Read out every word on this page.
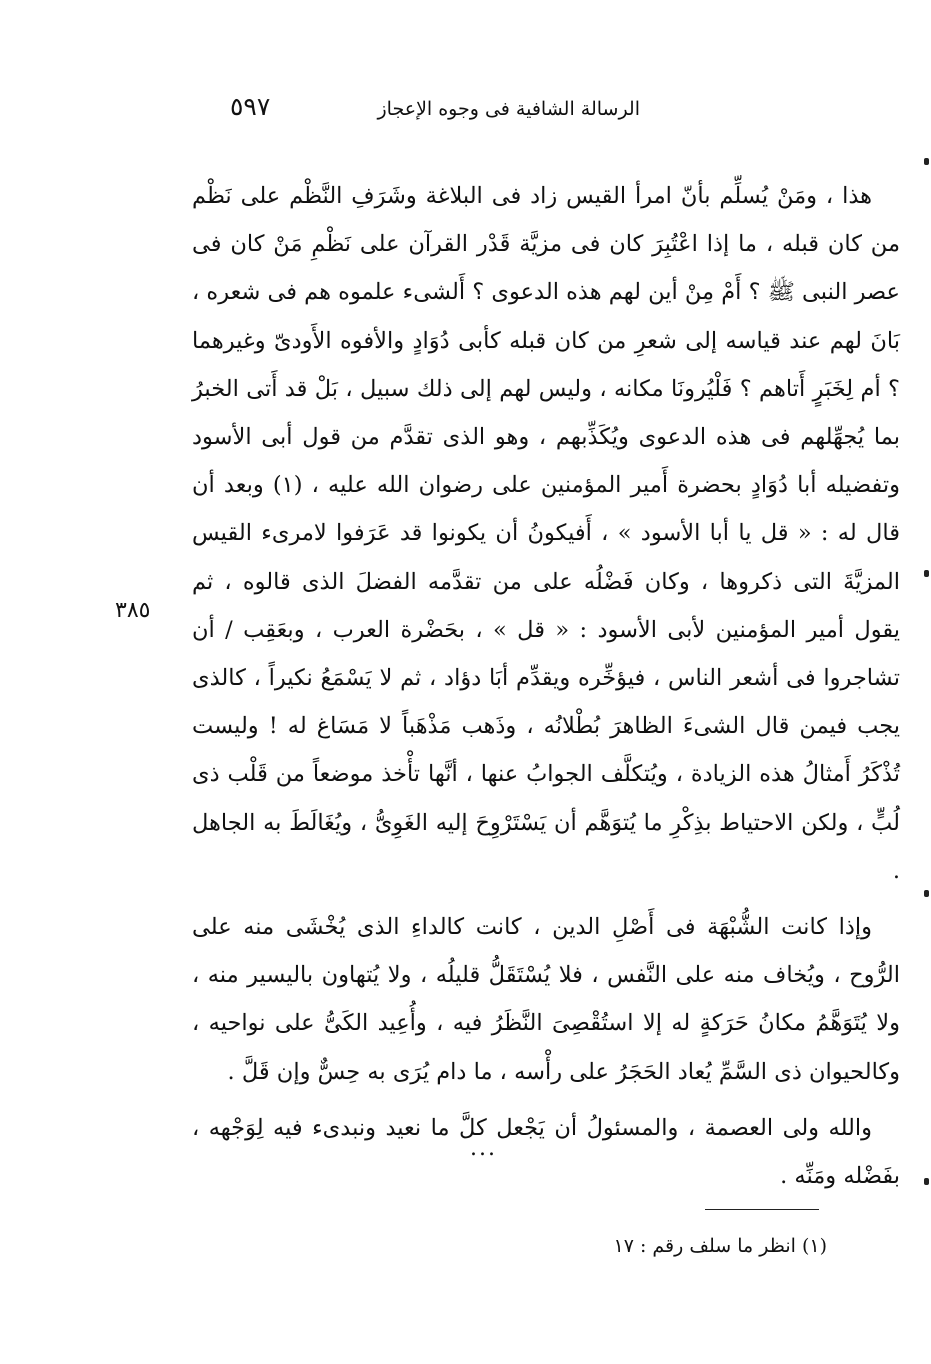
٥٩٧	الرسالة الشافية فى وجوه الإعجاز
٣٨٥

هذا ، ومَنْ يُسلِّم بأنّ امرأ القيس زاد فى البلاغة وشَرَفِ النَّظْم على نَظْم من كان قبله ، ما إذا اعْتُبِرَ كان فى مزيَّة قَدْر القرآن على نَظْمِ مَنْ كان فى عصر النبى ﷺ ؟ أَمْ مِنْ أين لهم هذه الدعوى ؟ أَلشىء علموه هم فى شعره ، بَانَ لهم عند قياسه إلى شعرِ من كان قبله كأبى دُوَادٍ والأفوه الأَودىّ وغيرهما ؟ أم لِخَبَرٍ أَتاهم ؟ فَلْيُرونَا مكانه ، وليس لهم إلى ذلك سبيل ، بَلْ قد أَتى الخبرُ بما يُجهِّلهم فى هذه الدعوى ويُكَذِّبهم ، وهو الذى تقدَّم من قول أبى الأسود وتفضيله أبا دُوَادٍ بحضرة أَمير المؤمنين على رضوان الله عليه ، (١) وبعد أن قال له : « قل يا أبا الأسود » ، أَفيكونُ أن يكونوا قد عَرَفوا لامرىء القيس المزيَّةَ التى ذكروها ، وكان فَضْلُه على من تقدَّمه الفضلَ الذى قالوه ، ثم يقول أمير المؤمنين لأبى الأسود : « قل » ، بحَضْرة العرب ، وبعَقِب / أن تشاجروا فى أشعر الناس ، فيؤخِّره ويقدِّم أبَا دؤاد ، ثم لا يَسْمَعُ نكيراً ، كالذى يجب فيمن قال الشىءَ الظاهرَ بُطْلانُه ، وذَهب مَذْهَباً لا مَسَاغ له ! وليست تُذْكَرُ أَمثالُ هذه الزيادة ، ويُتكلَّف الجوابُ عنها ، أنَّها تأْخذ موضعاً من قَلْب ذى لُبٍّ ، ولكن الاحتياط بذِكْرِ ما يُتوَهَّم أن يَسْتَرْوِحَ إليه الغَوِىُّ ، ويُغَالَطَ به الجاهل .

وإذا كانت الشُّبْهَة فى أَصْلِ الدين ، كانت كالداءِ الذى يُخْشَى منه على الرُّوح ، ويُخاف منه على النَّفس ، فلا يُسْتَقَلُّ قليلُه ، ولا يُتهاون باليسير منه ، ولا يُتَوَهَّمُ مكانُ حَرَكةٍ له إلا استُقْصِىَ النَّظَرُ فيه ، وأُعِيد الكَىُّ على نواحيه ، وكالحيوان ذى السَّمِّ يُعاد الحَجَرُ على رأْسه ، ما دام يُرَى به حِسٌّ وإن قَلَّ .

والله ولى العصمة ، والمسئولُ أن يَجْعل كلَّ ما نعيد ونبدىء فيه لِوَجْهه ، بفَضْله ومَنِّه .

...
(١) انظر ما سلف رقم : ١٧
